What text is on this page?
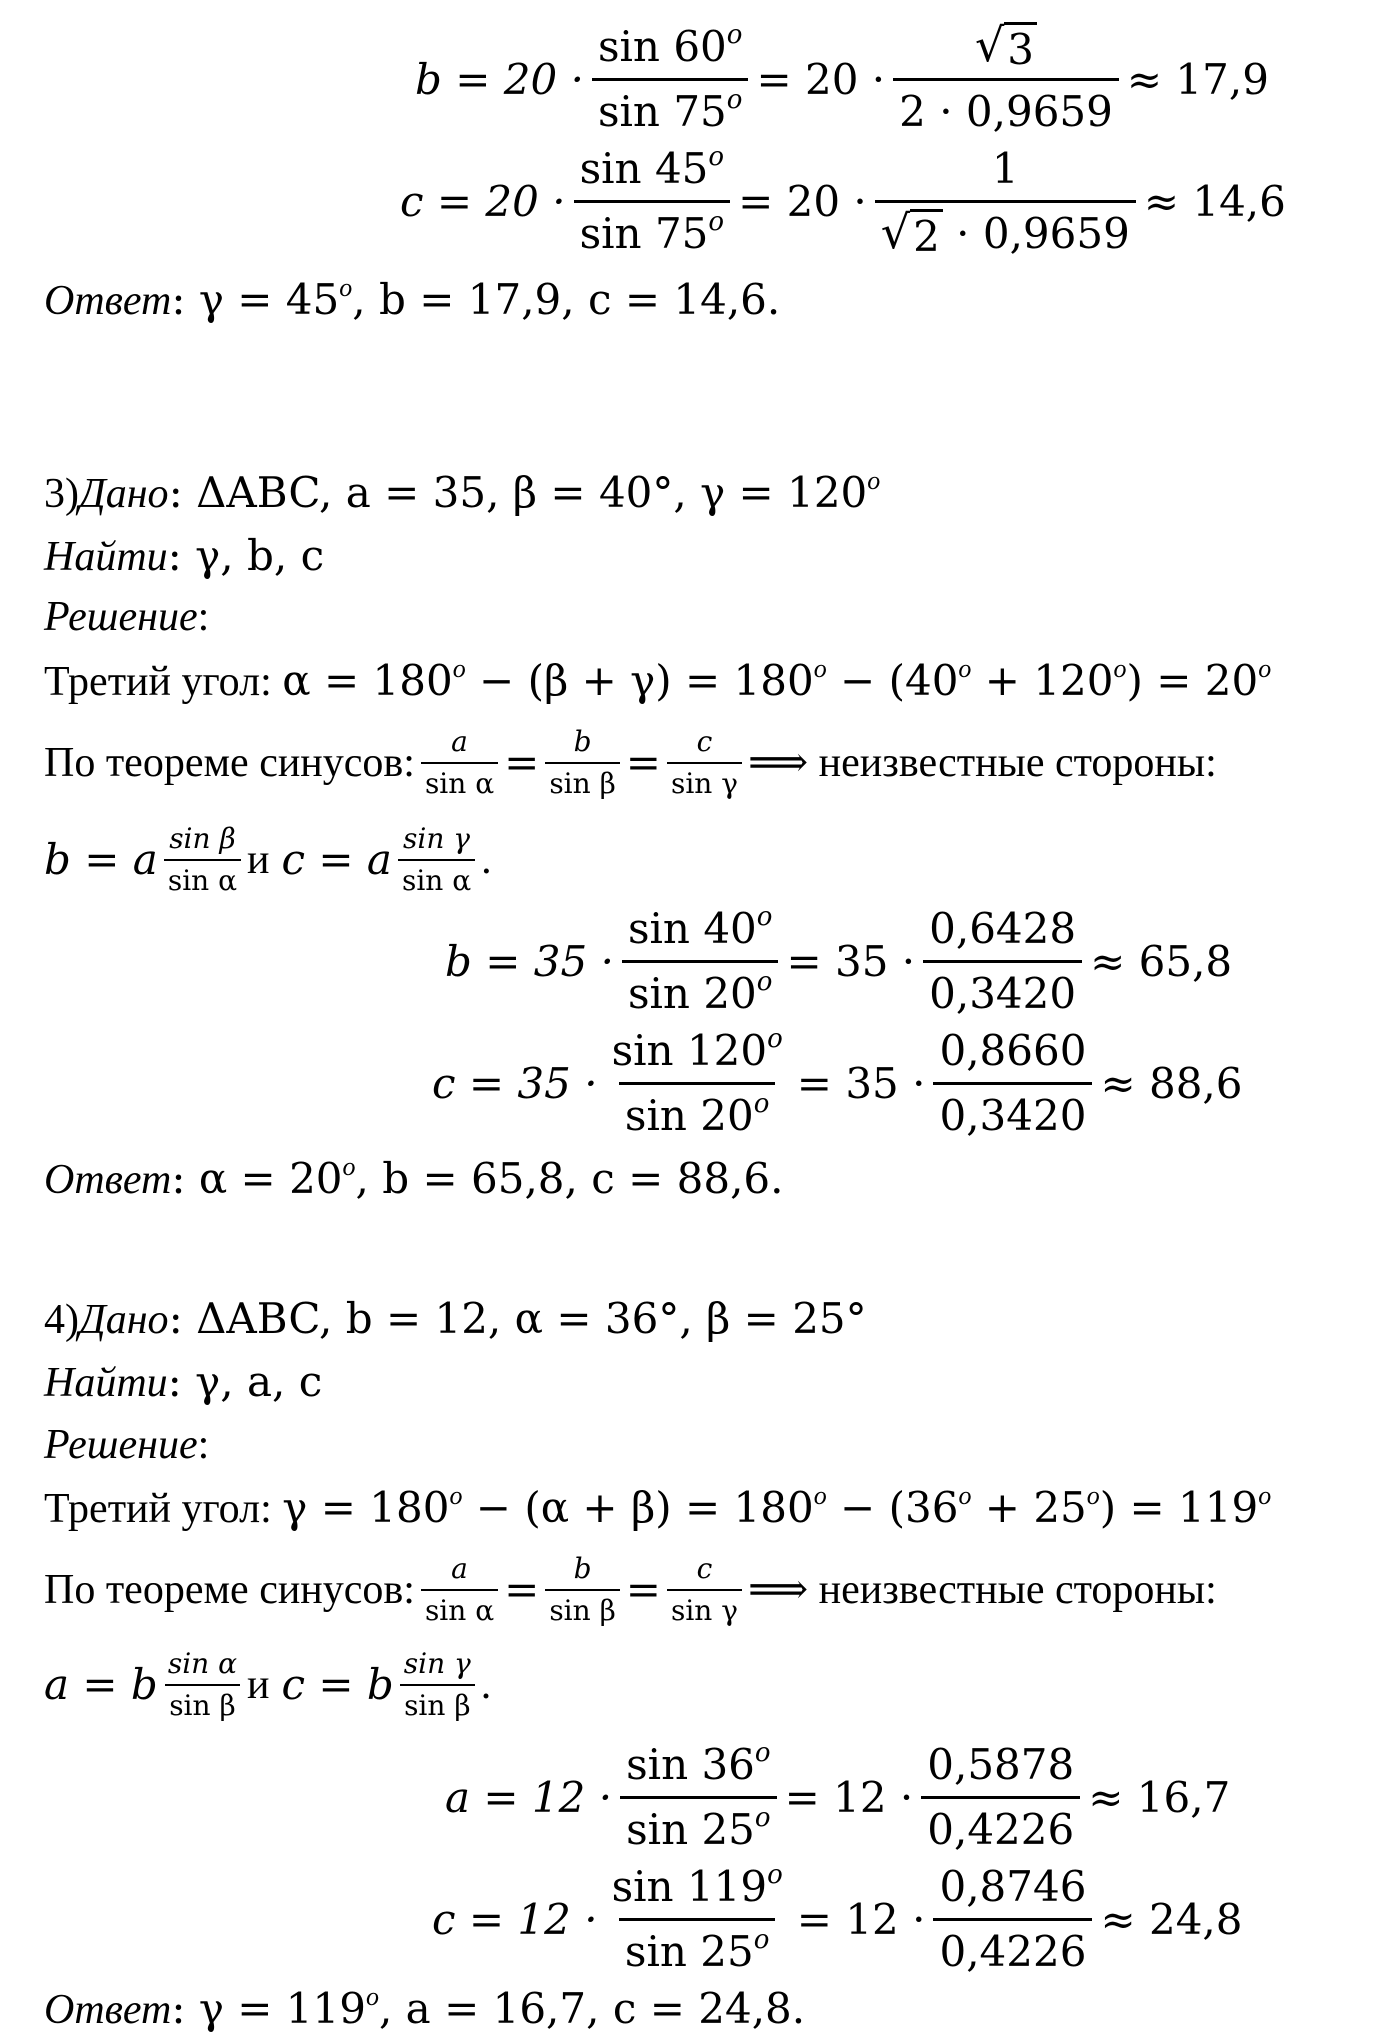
$b = 20 \cdot \frac{\sin 60^o}{\sin 75^o} = 20 \cdot \frac{√ 3}{2 \cdot 0,9659} \approx 17,9$
$c = 20 \cdot \frac{\sin 45^o}{\sin 75^o} = 20 \cdot \frac{1}{√ 2 \cdot 0,9659} \approx 14,6$
Ответ: $\gamma = 45^o$, b = 17,9, c = 14,6.
3)Дано: ΔABC, a = 35, β = 40°, $\gamma = 120^o$
Найти: γ, b, c
Решение:
Третий угол: $\alpha = 180^o - (\beta + \gamma) = 180^o - (40^o + 120^o) = 20^o$
По теореме синусов: $\frac{a}{\text{sin α}} = \frac{b}{\text{sin β}} = \frac{c}{\text{sin γ}}$ ⟹ неизвестные стороны:
b = a $\frac{\text{sin β}}{\text{sin α}}$ и c = a $\frac{\text{sin γ}}{\text{sin α}}$ .
$b = 35 \cdot \frac{\sin 40^o}{\sin 20^o} = 35 \cdot \frac{0,6428}{0,3420} \approx 65,8$
$c = 35 \cdot \frac{\sin 120^o}{\sin 20^o} = 35 \cdot \frac{0,8660}{0,3420} \approx 88,6$
Ответ: $\alpha = 20^o$, b = 65,8, c = 88,6.
4)Дано: ΔABC, b = 12, α = 36°, β = 25°
Найти: γ, a, c
Решение:
Третий угол: $\gamma = 180^o - (\alpha + \beta) = 180^o - (36^o + 25^o) = 119^o$
По теореме синусов: $\frac{a}{\text{sin α}} = \frac{b}{\text{sin β}} = \frac{c}{\text{sin γ}}$ ⟹ неизвестные стороны:
a = b $\frac{\text{sin α}}{\text{sin β}}$ и c = b $\frac{\text{sin γ}}{\text{sin β}}$ .
$a = 12 \cdot \frac{\sin 36^o}{\sin 25^o} = 12 \cdot \frac{0,5878}{0,4226} \approx 16,7$
$c = 12 \cdot \frac{\sin 119^o}{\sin 25^o} = 12 \cdot \frac{0,8746}{0,4226} \approx 24,8$
Ответ: $\gamma = 119^o$, a = 16,7, c = 24,8.
